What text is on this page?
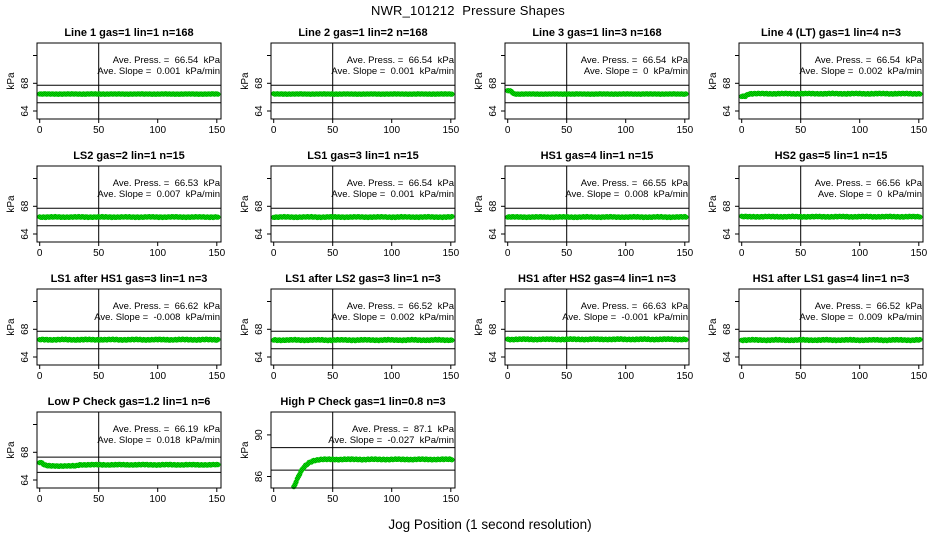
NWR_101212  Pressure Shapes
64
68
0	50	100	150
kPa
Line 1 gas=1 lin=1 n=168
Ave. Press. =  66.54  kPa
Ave. Slope =  0.001  kPa/min
64
68
0	50	100	150
kPa
Line 2 gas=1 lin=2 n=168
Ave. Press. =  66.54  kPa
Ave. Slope =  0.001  kPa/min
64
68
0	50	100	150
kPa
Line 3 gas=1 lin=3 n=168
Ave. Press. =  66.54  kPa
Ave. Slope =  0  kPa/min
64
68
0	50	100	150
kPa
Line 4 (LT) gas=1 lin=4 n=3
Ave. Press. =  66.54  kPa
Ave. Slope =  0.002  kPa/min
64
68
0	50	100	150
kPa
LS2 gas=2 lin=1 n=15
Ave. Press. =  66.53  kPa
Ave. Slope =  0.007  kPa/min
64
68
0	50	100	150
kPa
LS1 gas=3 lin=1 n=15
Ave. Press. =  66.54  kPa
Ave. Slope =  0.001  kPa/min
64
68
0	50	100	150
kPa
HS1 gas=4 lin=1 n=15
Ave. Press. =  66.55  kPa
Ave. Slope =  0.008  kPa/min
64
68
0	50	100	150
kPa
HS2 gas=5 lin=1 n=15
Ave. Press. =  66.56  kPa
Ave. Slope =  0  kPa/min
64
68
0	50	100	150
kPa
LS1 after HS1 gas=3 lin=1 n=3
Ave. Press. =  66.62  kPa
Ave. Slope =  -0.008  kPa/min
64
68
0	50	100	150
kPa
LS1 after LS2 gas=3 lin=1 n=3
Ave. Press. =  66.52  kPa
Ave. Slope =  0.002  kPa/min
64
68
0	50	100	150
kPa
HS1 after HS2 gas=4 lin=1 n=3
Ave. Press. =  66.63  kPa
Ave. Slope =  -0.001  kPa/min
64
68
0	50	100	150
kPa
HS1 after LS1 gas=4 lin=1 n=3
Ave. Press. =  66.52  kPa
Ave. Slope =  0.009  kPa/min
64
68
0	50	100	150
kPa
Low P Check gas=1.2 lin=1 n=6
Ave. Press. =  66.19  kPa
Ave. Slope =  0.018  kPa/min
86
90
0	50	100	150
kPa
High P Check gas=1 lin=0.8 n=3
Ave. Press. =  87.1  kPa
Ave. Slope =  -0.027  kPa/min
Jog Position (1 second resolution)
